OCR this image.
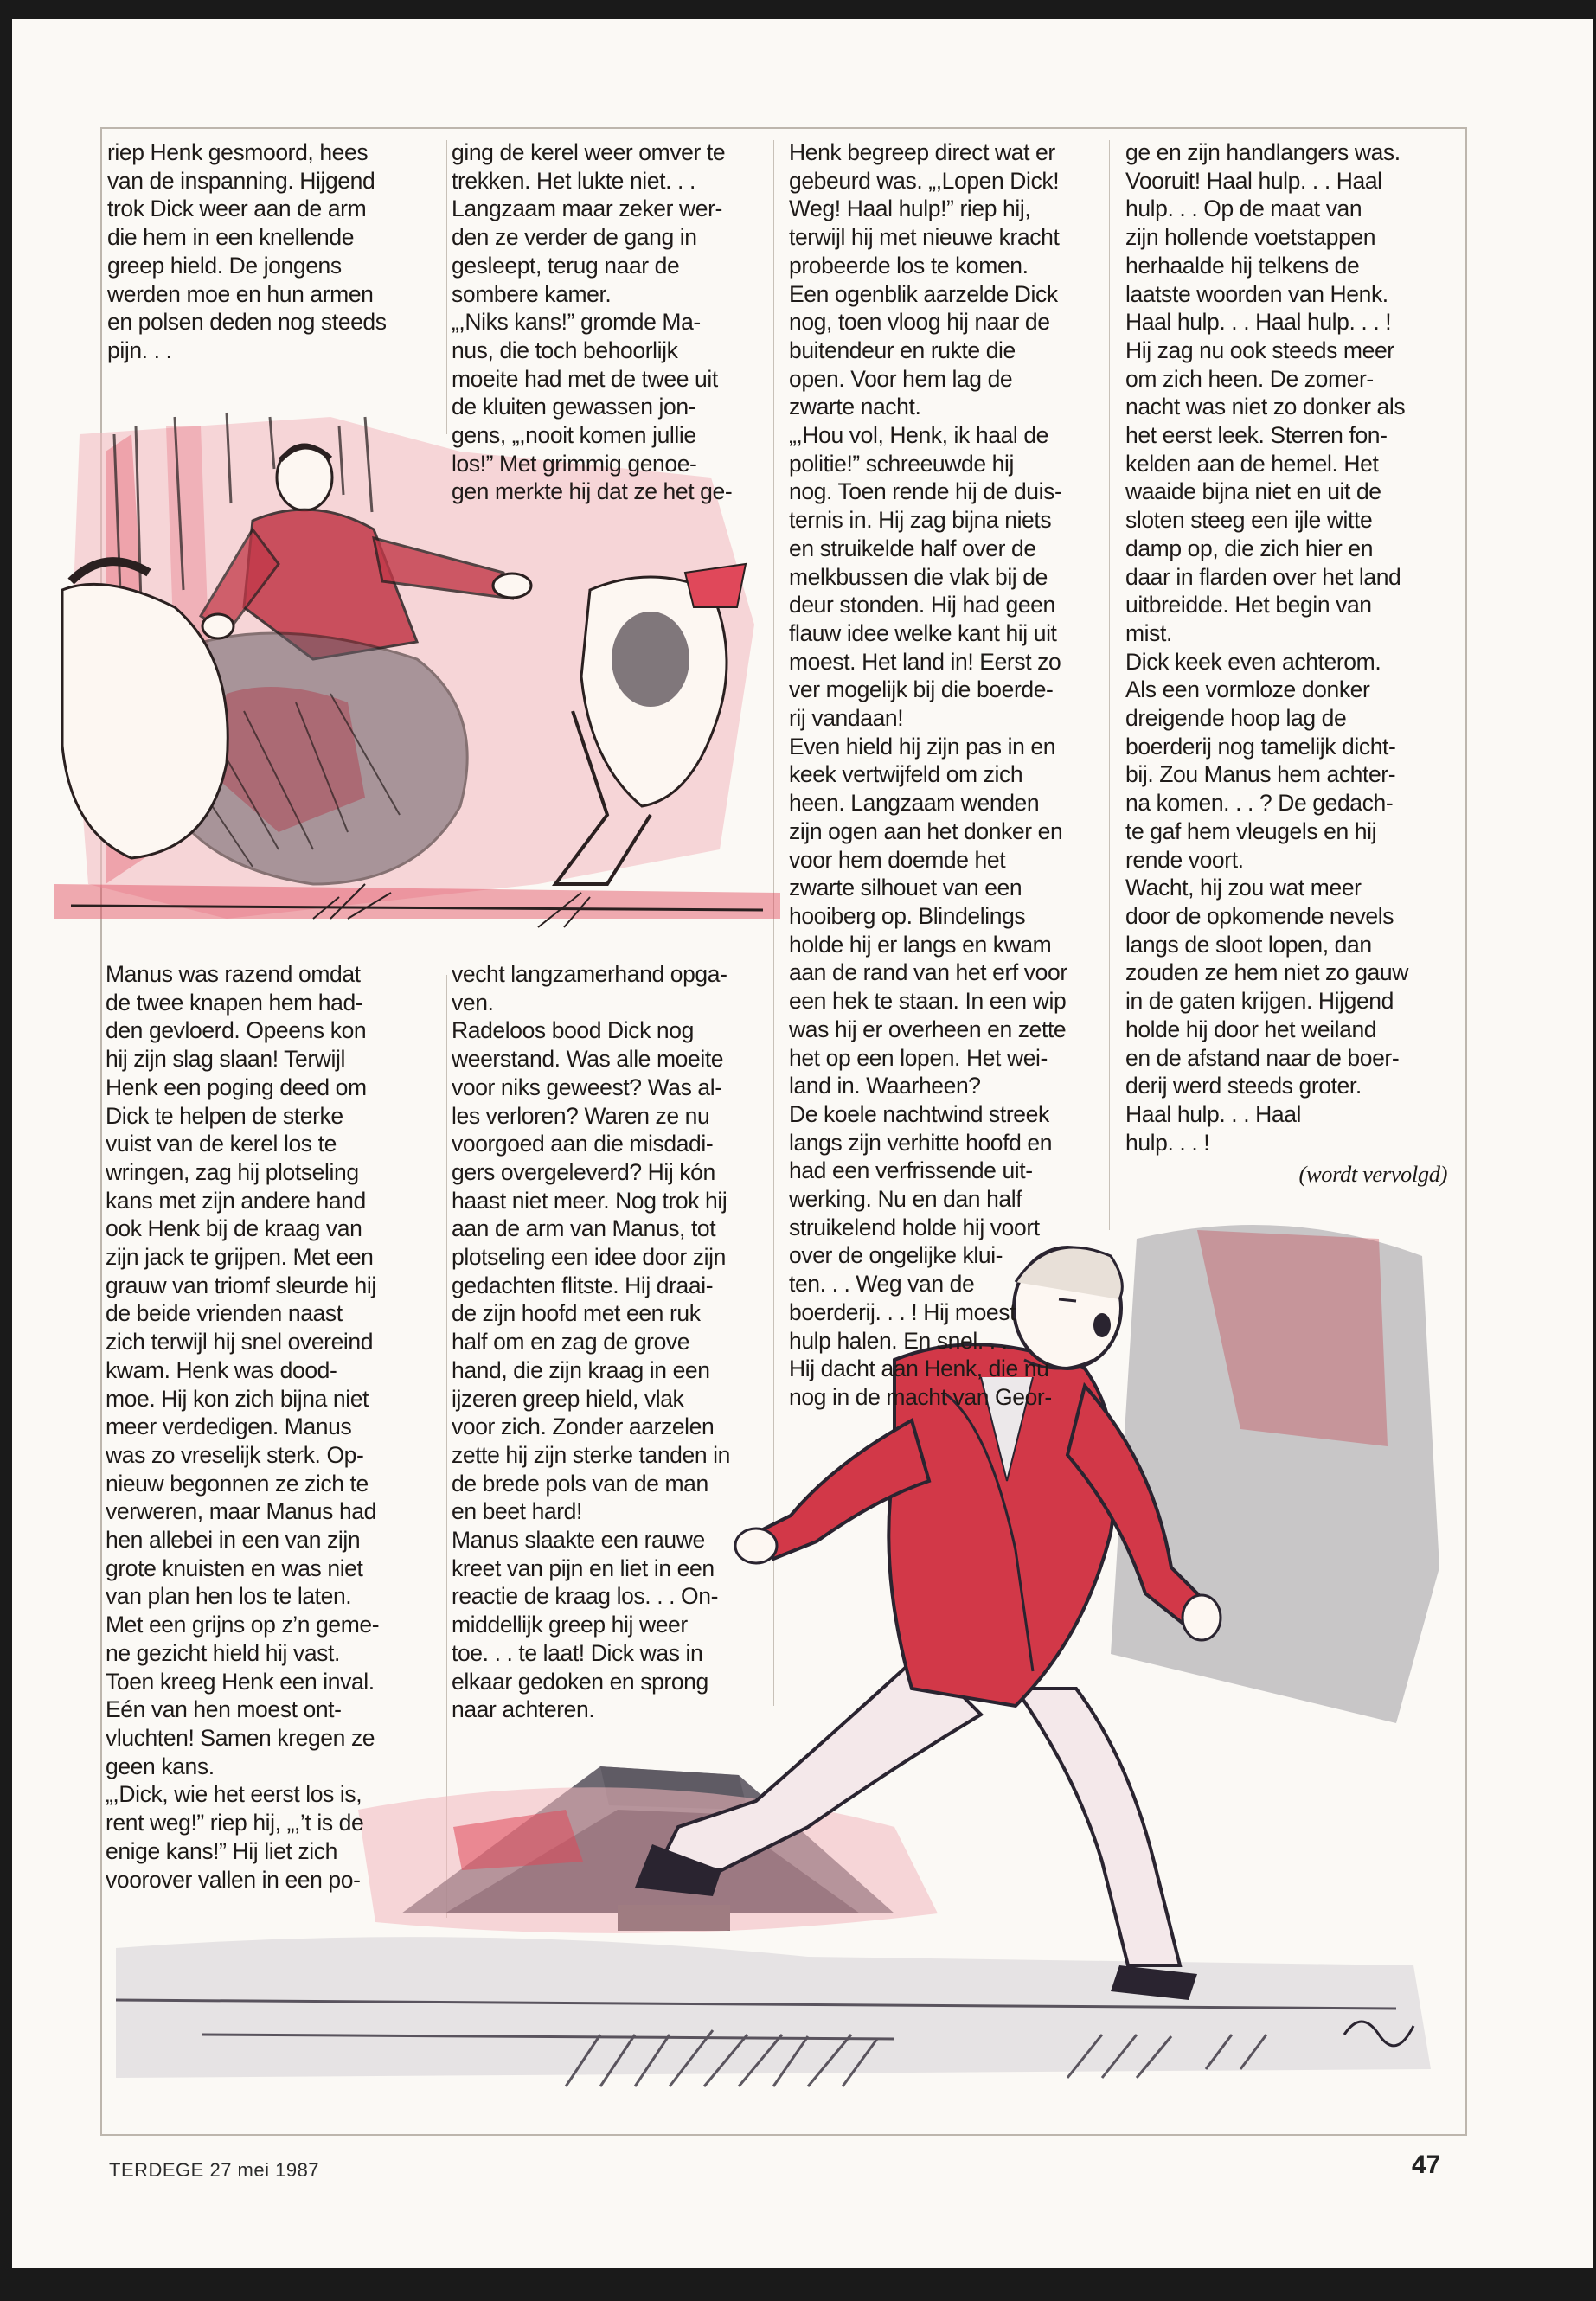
riep Henk gesmoord, hees
van de inspanning. Hijgend
trok Dick weer aan de arm
die hem in een knellende
greep hield. De jongens
werden moe en hun armen
en polsen deden nog steeds
pijn. . .

ging de kerel weer omver te
trekken. Het lukte niet. . .
Langzaam maar zeker wer-
den ze verder de gang in
gesleept, terug naar de
sombere kamer.
„,Niks kans!” gromde Ma-
nus, die toch behoorlijk
moeite had met de twee uit
de kluiten gewassen jon-
gens, „,nooit komen jullie
los!” Met grimmig genoe-
gen merkte hij dat ze het ge-

Manus was razend omdat
de twee knapen hem had-
den gevloerd. Opeens kon
hij zijn slag slaan! Terwijl
Henk een poging deed om
Dick te helpen de sterke
vuist van de kerel los te
wringen, zag hij plotseling
kans met zijn andere hand
ook Henk bij de kraag van
zijn jack te grijpen. Met een
grauw van triomf sleurde hij
de beide vrienden naast
zich terwijl hij snel overeind
kwam. Henk was dood-
moe. Hij kon zich bijna niet
meer verdedigen. Manus
was zo vreselijk sterk. Op-
nieuw begonnen ze zich te
verweren, maar Manus had
hen allebei in een van zijn
grote knuisten en was niet
van plan hen los te laten.
Met een grijns op z’n geme-
ne gezicht hield hij vast.
Toen kreeg Henk een inval.
Eén van hen moest ont-
vluchten! Samen kregen ze
geen kans.
„,Dick, wie het eerst los is,
rent weg!” riep hij, „,’t is de
enige kans!” Hij liet zich
voorover vallen in een po-

vecht langzamerhand opga-
ven.
Radeloos bood Dick nog
weerstand. Was alle moeite
voor niks geweest? Was al-
les verloren? Waren ze nu
voorgoed aan die misdadi-
gers overgeleverd? Hij kón
haast niet meer. Nog trok hij
aan de arm van Manus, tot
plotseling een idee door zijn
gedachten flitste. Hij draai-
de zijn hoofd met een ruk
half om en zag de grove
hand, die zijn kraag in een
ijzeren greep hield, vlak
voor zich. Zonder aarzelen
zette hij zijn sterke tanden in
de brede pols van de man
en beet hard!
Manus slaakte een rauwe
kreet van pijn en liet in een
reactie de kraag los. . . On-
middellijk greep hij weer
toe. . . te laat! Dick was in
elkaar gedoken en sprong
naar achteren.

Henk begreep direct wat er
gebeurd was. „,Lopen Dick!
Weg! Haal hulp!” riep hij,
terwijl hij met nieuwe kracht
probeerde los te komen.
Een ogenblik aarzelde Dick
nog, toen vloog hij naar de
buitendeur en rukte die
open. Voor hem lag de
zwarte nacht.
„,Hou vol, Henk, ik haal de
politie!” schreeuwde hij
nog. Toen rende hij de duis-
ternis in. Hij zag bijna niets
en struikelde half over de
melkbussen die vlak bij de
deur stonden. Hij had geen
flauw idee welke kant hij uit
moest. Het land in! Eerst zo
ver mogelijk bij die boerde-
rij vandaan!
Even hield hij zijn pas in en
keek vertwijfeld om zich
heen. Langzaam wenden
zijn ogen aan het donker en
voor hem doemde het
zwarte silhouet van een
hooiberg op. Blindelings
holde hij er langs en kwam
aan de rand van het erf voor
een hek te staan. In een wip
was hij er overheen en zette
het op een lopen. Het wei-
land in. Waarheen?
De koele nachtwind streek
langs zijn verhitte hoofd en
had een verfrissende uit-
werking. Nu en dan half
struikelend holde hij voort
over de ongelijke klui-
ten. . . Weg van de
boerderij. . . ! Hij moest
hulp halen. En snel. . .
Hij dacht aan Henk, die nu
nog in de macht van Geor-

ge en zijn handlangers was.
Vooruit! Haal hulp. . . Haal
hulp. . . Op de maat van
zijn hollende voetstappen
herhaalde hij telkens de
laatste woorden van Henk.
Haal hulp. . . Haal hulp. . . !
Hij zag nu ook steeds meer
om zich heen. De zomer-
nacht was niet zo donker als
het eerst leek. Sterren fon-
kelden aan de hemel. Het
waaide bijna niet en uit de
sloten steeg een ijle witte
damp op, die zich hier en
daar in flarden over het land
uitbreidde. Het begin van
mist.
Dick keek even achterom.
Als een vormloze donker
dreigende hoop lag de
boerderij nog tamelijk dicht-
bij. Zou Manus hem achter-
na komen. . . ? De gedach-
te gaf hem vleugels en hij
rende voort.
Wacht, hij zou wat meer
door de opkomende nevels
langs de sloot lopen, dan
zouden ze hem niet zo gauw
in de gaten krijgen. Hijgend
holde hij door het weiland
en de afstand naar de boer-
derij werd steeds groter.
Haal hulp. . . Haal
hulp. . . !

(wordt vervolgd)

TERDEGE 27 mei 1987	47
